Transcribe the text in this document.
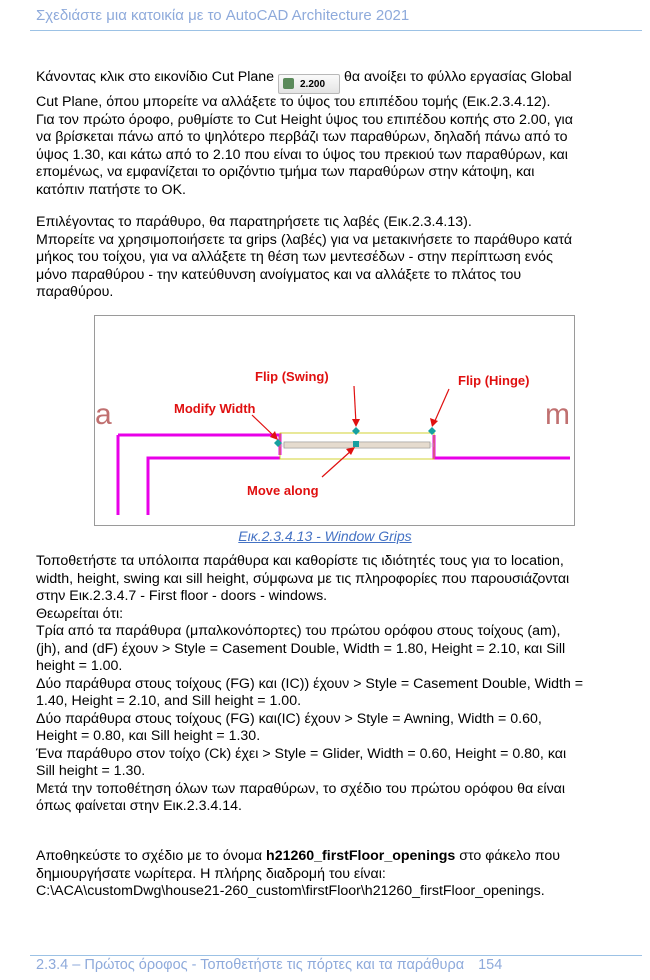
Σχεδιάστε μια κατοικία με το AutoCAD Architecture 2021

Κάνοντας κλικ στο εικονίδιο Cut Plane	2.200 θα ανοίξει το φύλλο εργασίας Global

Cut Plane, όπου μπορείτε να αλλάξετε το ύψος του επιπέδου τομής (Εικ.2.3.4.12).

Για τον πρώτο όροφο, ρυθμίστε το Cut Height ύψος του επιπέδου κοπής στο 2.00, για

να βρίσκεται πάνω από το ψηλότερο περβάζι των παραθύρων, δηλαδή πάνω από το

ύψος 1.30, και κάτω από το 2.10 που είναι το ύψος του πρεκιού των παραθύρων, και

επομένως, να εμφανίζεται το οριζόντιο τμήμα των παραθύρων στην κάτοψη, και

κατόπιν πατήστε το OK.

Επιλέγοντας το παράθυρο, θα παρατηρήσετε τις λαβές (Εικ.2.3.4.13).

Μπορείτε να χρησιμοποιήσετε τα grips (λαβές) για να μετακινήσετε το παράθυρο κατά

μήκος του τοίχου, για να αλλάξετε τη θέση των μεντεσέδων - στην περίπτωση ενός

μόνο παραθύρου - την κατεύθυνση ανοίγματος και να αλλάξετε το πλάτος του

παραθύρου.

Flip (Swing)	Flip (Hinge)
Modify Width
Move along
a	m
Εικ.2.3.4.13 - Window Grips

Τοποθετήστε τα υπόλοιπα παράθυρα και καθορίστε τις ιδιότητές τους για το location,

width, height, swing και sill height, σύμφωνα με τις πληροφορίες που παρουσιάζονται

στην Εικ.2.3.4.7 - First floor - doors - windows.

Θεωρείται ότι:

Τρία από τα παράθυρα (μπαλκονόπορτες) του πρώτου ορόφου στους τοίχους (am),

(jh), and (dF) έχουν > Style = Casement Double, Width = 1.80, Height = 2.10, και Sill

height = 1.00.

Δύο παράθυρα στους τοίχους (FG) και (IC)) έχουν > Style = Casement Double, Width =

1.40, Height = 2.10, and Sill height = 1.00.

Δύο παράθυρα στους τοίχους (FG) και(IC) έχουν > Style = Awning, Width = 0.60,

Height = 0.80, και Sill height = 1.30.

Ένα παράθυρο στον τοίχο (Ck) έχει > Style = Glider, Width = 0.60, Height = 0.80, και

Sill height = 1.30.

Μετά την τοποθέτηση όλων των παραθύρων, το σχέδιο του πρώτου ορόφου θα είναι

όπως φαίνεται στην Εικ.2.3.4.14.

Αποθηκεύστε το σχέδιο με το όνομα h21260_firstFloor_openings στο φάκελο που

δημιουργήσατε νωρίτερα. Η πλήρης διαδρομή του είναι:

C:\ACA\customDwg\house21-260_custom\firstFloor\h21260_firstFloor_openings.

2.3.4 – Πρώτος όροφος - Τοποθετήστε τις πόρτες και τα παράθυρα 154
